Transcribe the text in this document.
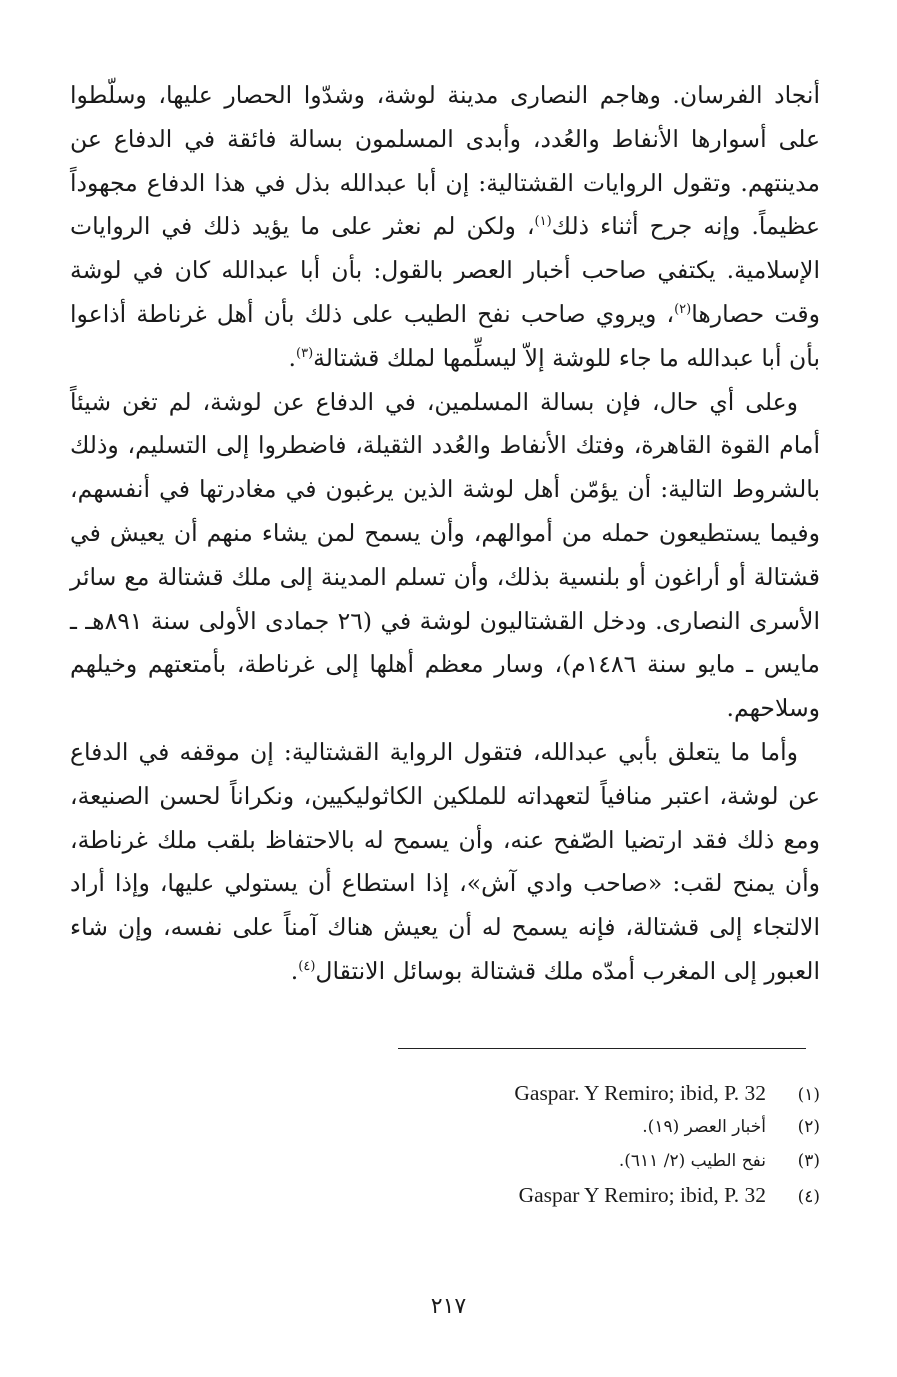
أنجاد الفرسان. وهاجم النصارى مدينة لوشة، وشدّوا الحصار عليها، وسلّطوا على أسوارها الأنفاط والعُدد، وأبدى المسلمون بسالة فائقة في الدفاع عن مدينتهم. وتقول الروايات القشتالية: إن أبا عبدالله بذل في هذا الدفاع مجهوداً عظيماً. وإنه جرح أثناء ذلك$^{(١)}$، ولكن لم نعثر على ما يؤيد ذلك في الروايات الإسلامية. يكتفي صاحب أخبار العصر بالقول: بأن أبا عبدالله كان في لوشة وقت حصارها$^{(٢)}$، ويروي صاحب نفح الطيب على ذلك بأن أهل غرناطة أذاعوا بأن أبا عبدالله ما جاء للوشة إلاّ ليسلِّمها لملك قشتالة$^{(٣)}$.

وعلى أي حال، فإن بسالة المسلمين، في الدفاع عن لوشة، لم تغن شيئاً أمام القوة القاهرة، وفتك الأنفاط والعُدد الثقيلة، فاضطروا إلى التسليم، وذلك بالشروط التالية: أن يؤمّن أهل لوشة الذين يرغبون في مغادرتها في أنفسهم، وفيما يستطيعون حمله من أموالهم، وأن يسمح لمن يشاء منهم أن يعيش في قشتالة أو أراغون أو بلنسية بذلك، وأن تسلم المدينة إلى ملك قشتالة مع سائر الأسرى النصارى. ودخل القشتاليون لوشة في (٢٦ جمادى الأولى سنة ٨٩١هـ ـ مايس ـ مايو سنة ١٤٨٦م)، وسار معظم أهلها إلى غرناطة، بأمتعتهم وخيلهم وسلاحهم.

وأما ما يتعلق بأبي عبدالله، فتقول الرواية القشتالية: إن موقفه في الدفاع عن لوشة، اعتبر منافياً لتعهداته للملكين الكاثوليكيين، ونكراناً لحسن الصنيعة، ومع ذلك فقد ارتضيا الصّفح عنه، وأن يسمح له بالاحتفاظ بلقب ملك غرناطة، وأن يمنح لقب: «صاحب وادي آش»، إذا استطاع أن يستولي عليها، وإذا أراد الالتجاء إلى قشتالة، فإنه يسمح له أن يعيش هناك آمناً على نفسه، وإن شاء العبور إلى المغرب أمدّه ملك قشتالة بوسائل الانتقال$^{(٤)}$.

(١)
Gaspar. Y Remiro; ibid, P. 32
(٢)
أخبار العصر (١٩).
(٣)
نفح الطيب (٢/ ٦١١).
(٤)
Gaspar Y Remiro; ibid, P. 32
٢١٧
